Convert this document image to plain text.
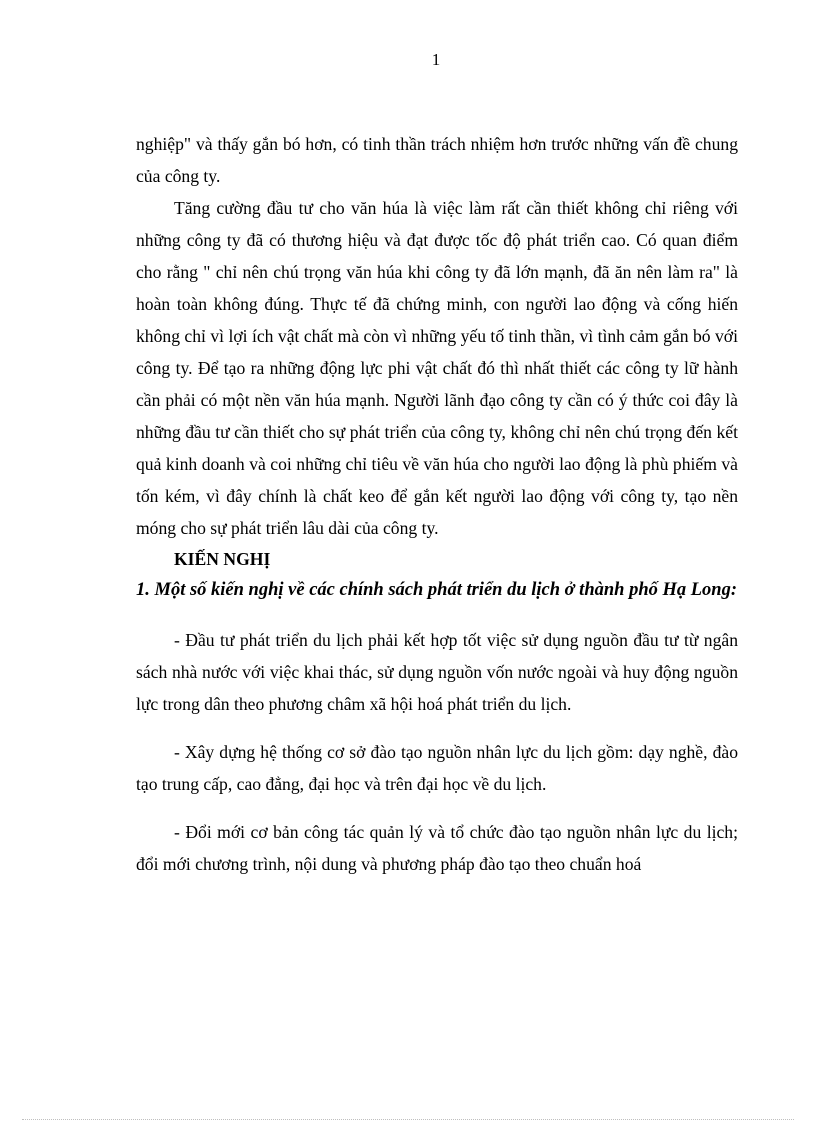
1

nghiệp" và thấy gắn bó hơn, có tinh thần trách nhiệm hơn trước những vấn đề chung của công ty.

Tăng cường đầu tư cho văn húa là việc làm rất cần thiết không chỉ riêng với những công ty đã có thương hiệu và đạt được tốc độ phát triển cao. Có quan điểm cho rằng " chỉ nên chú trọng văn húa khi công ty đã lớn mạnh, đã ăn nên làm ra" là hoàn toàn không đúng. Thực tế đã chứng minh, con người lao động và cống hiến không chỉ vì lợi ích vật chất mà còn vì những yếu tố tinh thần, vì tình cảm gắn bó với công ty. Để tạo ra những động lực phi vật chất đó thì nhất thiết các công ty lữ hành cần phải có một nền văn húa mạnh. Người lãnh đạo công ty cần có ý thức coi đây là những đầu tư cần thiết cho sự phát triển của công ty, không chỉ nên chú trọng đến kết quả kinh doanh và coi những chỉ tiêu về văn húa cho người lao động là phù phiếm và tốn kém, vì đây chính là chất keo để gắn kết người lao động với công ty, tạo nền móng cho sự phát triển lâu dài của công ty.

KIẾN NGHỊ

1. Một số kiến nghị về các chính sách phát triển du lịch ở thành phố Hạ Long:

- Đầu tư phát triển du lịch phải kết hợp tốt việc sử dụng nguồn đầu tư từ ngân sách nhà nước với việc khai thác, sử dụng nguồn vốn nước ngoài và huy động nguồn lực trong dân theo phương châm xã hội hoá phát triển du lịch.

- Xây dựng hệ thống cơ sở đào tạo nguồn nhân lực du lịch gồm: dạy nghề, đào tạo trung cấp, cao đẳng, đại học và trên đại học về du lịch.

- Đổi mới cơ bản công tác quản lý và tổ chức đào tạo nguồn nhân lực du lịch; đổi mới chương trình, nội dung và phương pháp đào tạo theo chuẩn hoá
